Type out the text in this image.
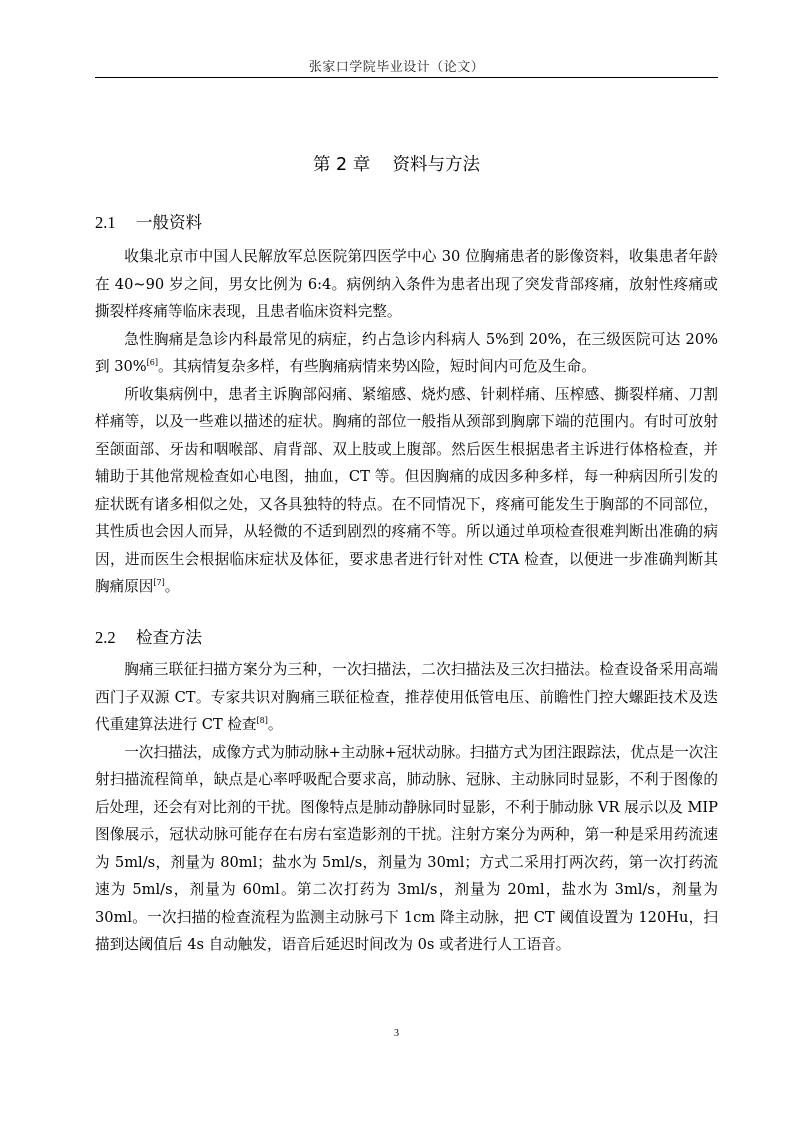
张家口学院毕业设计（论文）
第 2 章 资料与方法
2.1 一般资料

收集北京市中国人民解放军总医院第四医学中心 30 位胸痛患者的影像资料，收集患者年龄在 40~90 岁之间，男女比例为 6:4。病例纳入条件为患者出现了突发背部疼痛，放射性疼痛或撕裂样疼痛等临床表现，且患者临床资料完整。

急性胸痛是急诊内科最常见的病症，约占急诊内科病人 5%到 20%，在三级医院可达 20%到 30%[6]。其病情复杂多样，有些胸痛病情来势凶险，短时间内可危及生命。

所收集病例中，患者主诉胸部闷痛、紧缩感、烧灼感、针刺样痛、压榨感、撕裂样痛、刀割样痛等，以及一些难以描述的症状。胸痛的部位一般指从颈部到胸廓下端的范围内。有时可放射至颌面部、牙齿和咽喉部、肩背部、双上肢或上腹部。然后医生根据患者主诉进行体格检查，并辅助于其他常规检查如心电图，抽血，CT 等。但因胸痛的成因多种多样，每一种病因所引发的症状既有诸多相似之处，又各具独特的特点。在不同情况下，疼痛可能发生于胸部的不同部位，其性质也会因人而异，从轻微的不适到剧烈的疼痛不等。所以通过单项检查很难判断出准确的病因，进而医生会根据临床症状及体征，要求患者进行针对性 CTA 检查，以便进一步准确判断其胸痛原因[7]。

2.2 检查方法

胸痛三联征扫描方案分为三种，一次扫描法，二次扫描法及三次扫描法。检查设备采用高端西门子双源 CT。专家共识对胸痛三联征检查，推荐使用低管电压、前瞻性门控大螺距技术及迭代重建算法进行 CT 检查[8]。

一次扫描法，成像方式为肺动脉+主动脉+冠状动脉。扫描方式为团注跟踪法，优点是一次注射扫描流程简单，缺点是心率呼吸配合要求高，肺动脉、冠脉、主动脉同时显影，不利于图像的后处理，还会有对比剂的干扰。图像特点是肺动静脉同时显影，不利于肺动脉 VR 展示以及 MIP 图像展示，冠状动脉可能存在右房右室造影剂的干扰。注射方案分为两种，第一种是采用药流速为 5ml/s，剂量为 80ml；盐水为 5ml/s，剂量为 30ml；方式二采用打两次药，第一次打药流速为 5ml/s，剂量为 60ml。第二次打药为 3ml/s，剂量为 20ml，盐水为 3ml/s，剂量为 30ml。一次扫描的检查流程为监测主动脉弓下 1cm 降主动脉，把 CT 阈值设置为 120Hu，扫描到达阈值后 4s 自动触发，语音后延迟时间改为 0s 或者进行人工语音。

3
